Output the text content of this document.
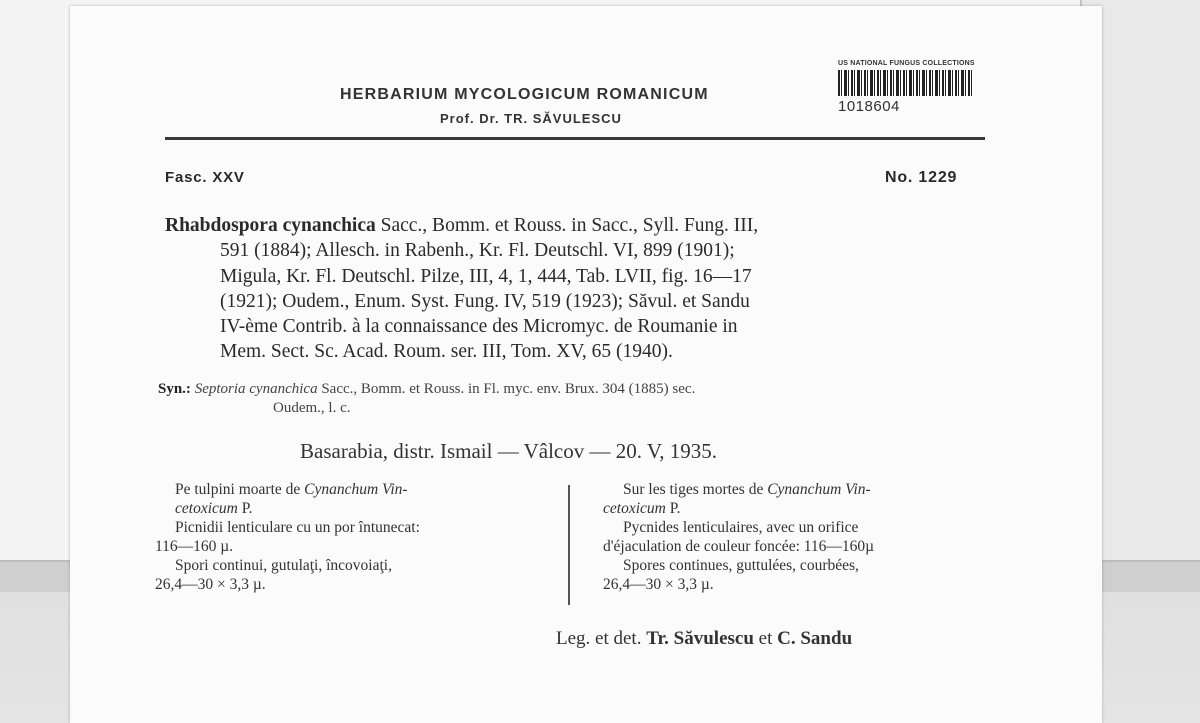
HERBARIUM MYCOLOGICUM ROMANICUM
Prof. Dr. TR. SĂVULESCU
US NATIONAL FUNGUS COLLECTIONS
1018604
Fasc. XXV	No. 1229
Rhabdospora cynanchica Sacc., Bomm. et Rouss. in Sacc., Syll. Fung. III,
591 (1884); Allesch. in Rabenh., Kr. Fl. Deutschl. VI, 899 (1901);
Migula, Kr. Fl. Deutschl. Pilze, III, 4, 1, 444, Tab. LVII, fig. 16—17
(1921); Oudem., Enum. Syst. Fung. IV, 519 (1923); Săvul. et Sandu
IV-ème Contrib. à la connaissance des Micromyc. de Roumanie in
Mem. Sect. Sc. Acad. Roum. ser. III, Tom. XV, 65 (1940).
Syn.: Septoria cynanchica Sacc., Bomm. et Rouss. in Fl. myc. env. Brux. 304 (1885) sec.
Oudem., l. c.
Basarabia, distr. Ismail — Vâlcov — 20. V, 1935.
Pe tulpini moarte de Cynanchum Vin-
cetoxicum P.
Picnidii lenticulare cu un por întunecat:
116—160 µ.
Spori continui, gutulaţi, încovoiaţi,
26,4—30 × 3,3 µ.
Sur les tiges mortes de Cynanchum Vin-
cetoxicum P.
Pycnides lenticulaires, avec un orifice
d'éjaculation de couleur foncée: 116—160µ
Spores continues, guttulées, courbées,
26,4—30 × 3,3 µ.
Leg. et det. Tr. Săvulescu et C. Sandu
